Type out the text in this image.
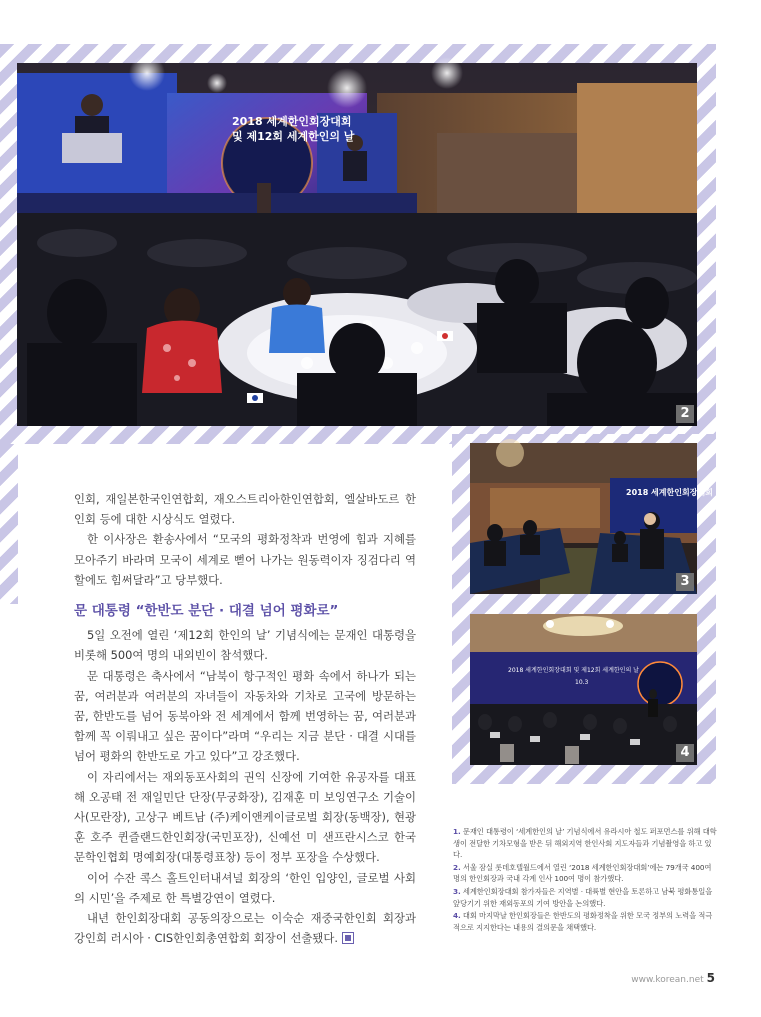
2018 세계한인회장대회
및 제12회 세계한인의 날
2
2018 세계한인회장대회
3
2018 세계한인회장대회 및 제12회 세계한인의 날
10.3
4

인회, 재일본한국인연합회, 재오스트리아한인연합회, 엘살바도르 한인회 등에 대한 시상식도 열렸다.

한 이사장은 환송사에서 “모국의 평화정착과 번영에 힘과 지혜를 모아주기 바라며 모국이 세계로 뻗어 나가는 원동력이자 징검다리 역할에도 힘써달라”고 당부했다.

문 대통령 “한반도 분단 · 대결 넘어 평화로”

5일 오전에 열린 ‘제12회 한인의 날’ 기념식에는 문재인 대통령을 비롯해 500여 명의 내외빈이 참석했다.

문 대통령은 축사에서 “남북이 항구적인 평화 속에서 하나가 되는 꿈, 여러분과 여러분의 자녀들이 자동차와 기차로 고국에 방문하는 꿈, 한반도를 넘어 동북아와 전 세계에서 함께 번영하는 꿈, 여러분과 함께 꼭 이뤄내고 싶은 꿈이다”라며 “우리는 지금 분단 · 대결 시대를 넘어 평화의 한반도로 가고 있다”고 강조했다.

이 자리에서는 재외동포사회의 권익 신장에 기여한 유공자를 대표해 오공태 전 재일민단 단장(무궁화장), 김재훈 미 보잉연구소 기술이사(모란장), 고상구 베트남 (주)케이앤케이글로벌 회장(동백장), 현광훈 호주 퀸즐랜드한인회장(국민포장), 신예선 미 샌프란시스코 한국문학인협회 명예회장(대통령표창) 등이 정부 포장을 수상했다.

이어 수잔 콕스 홀트인터내셔널 회장의 ‘한인 입양인, 글로벌 사회의 시민’을 주제로 한 특별강연이 열렸다.

내년 한인회장대회 공동의장으로는 이숙순 재중국한인회 회장과 강인희 러시아 · CIS한인회총연합회 회장이 선출됐다.

1. 문재인 대통령이 ‘세계한인의 날’ 기념식에서 유라시아 철도 퍼포먼스를 위해 대학생이 전달한 기차모형을 받은 뒤 해외지역 한인사회 지도자들과 기념촬영을 하고 있다.

2. 서울 잠실 롯데호텔월드에서 열린 ‘2018 세계한인회장대회’에는 79개국 400여 명의 한인회장과 국내 각계 인사 100여 명이 참가했다.

3. 세계한인회장대회 참가자들은 지역별 · 대륙별 현안을 토론하고 남북 평화통일을 앞당기기 위한 재외동포의 기여 방안을 논의했다.

4. 대회 마지막날 한인회장들은 한반도의 평화정착을 위한 모국 정부의 노력을 적극적으로 지지한다는 내용의 결의문을 채택했다.

www.korean.net 5
